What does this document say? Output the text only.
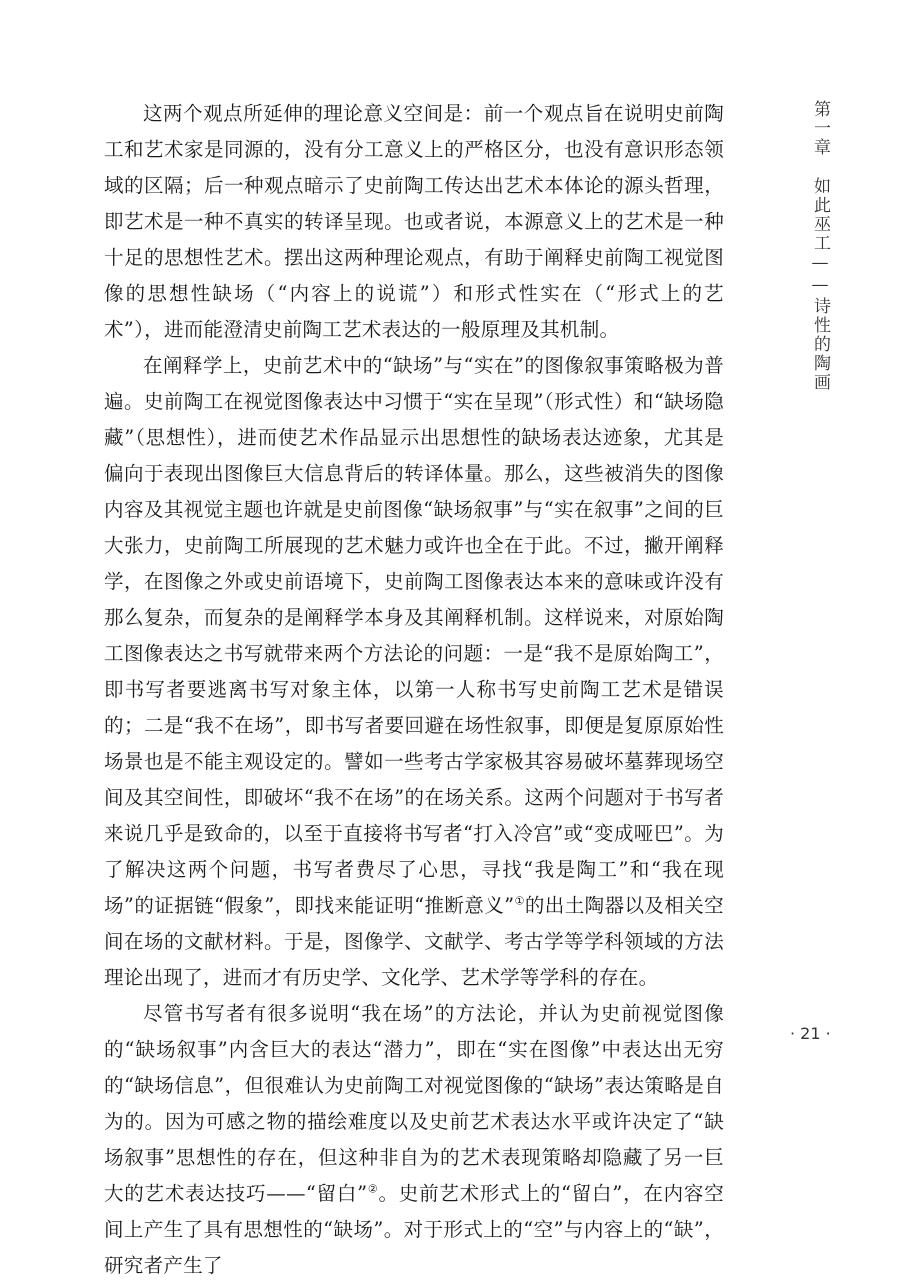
这两个观点所延伸的理论意义空间是：前一个观点旨在说明史前陶工和艺术家是同源的，没有分工意义上的严格区分，也没有意识形态领域的区隔；后一种观点暗示了史前陶工传达出艺术本体论的源头哲理，即艺术是一种不真实的转译呈现。也或者说，本源意义上的艺术是一种十足的思想性艺术。摆出这两种理论观点，有助于阐释史前陶工视觉图像的思想性缺场（“内容上的说谎”）和形式性实在（“形式上的艺术”），进而能澄清史前陶工艺术表达的一般原理及其机制。

在阐释学上，史前艺术中的“缺场”与“实在”的图像叙事策略极为普遍。史前陶工在视觉图像表达中习惯于“实在呈现”（形式性）和“缺场隐藏”（思想性），进而使艺术作品显示出思想性的缺场表达迹象，尤其是偏向于表现出图像巨大信息背后的转译体量。那么，这些被消失的图像内容及其视觉主题也许就是史前图像“缺场叙事”与“实在叙事”之间的巨大张力，史前陶工所展现的艺术魅力或许也全在于此。不过，撇开阐释学，在图像之外或史前语境下，史前陶工图像表达本来的意味或许没有那么复杂，而复杂的是阐释学本身及其阐释机制。这样说来，对原始陶工图像表达之书写就带来两个方法论的问题：一是“我不是原始陶工”，即书写者要逃离书写对象主体，以第一人称书写史前陶工艺术是错误的；二是“我不在场”，即书写者要回避在场性叙事，即便是复原原始性场景也是不能主观设定的。譬如一些考古学家极其容易破坏墓葬现场空间及其空间性，即破坏“我不在场”的在场关系。这两个问题对于书写者来说几乎是致命的，以至于直接将书写者“打入冷宫”或“变成哑巴”。为了解决这两个问题，书写者费尽了心思，寻找“我是陶工”和“我在现场”的证据链“假象”，即找来能证明“推断意义”①的出土陶器以及相关空间在场的文献材料。于是，图像学、文献学、考古学等学科领域的方法理论出现了，进而才有历史学、文化学、艺术学等学科的存在。

尽管书写者有很多说明“我在场”的方法论，并认为史前视觉图像的“缺场叙事”内含巨大的表达“潜力”，即在“实在图像”中表达出无穷的“缺场信息”，但很难认为史前陶工对视觉图像的“缺场”表达策略是自为的。因为可感之物的描绘难度以及史前艺术表达水平或许决定了“缺场叙事”思想性的存在，但这种非自为的艺术表现策略却隐藏了另一巨大的艺术表达技巧——“留白”②。史前艺术形式上的“留白”，在内容空间上产生了具有思想性的“缺场”。对于形式上的“空”与内容上的“缺”，研究者产生了

第一章如此巫工——诗性的陶画
· 21 ·
